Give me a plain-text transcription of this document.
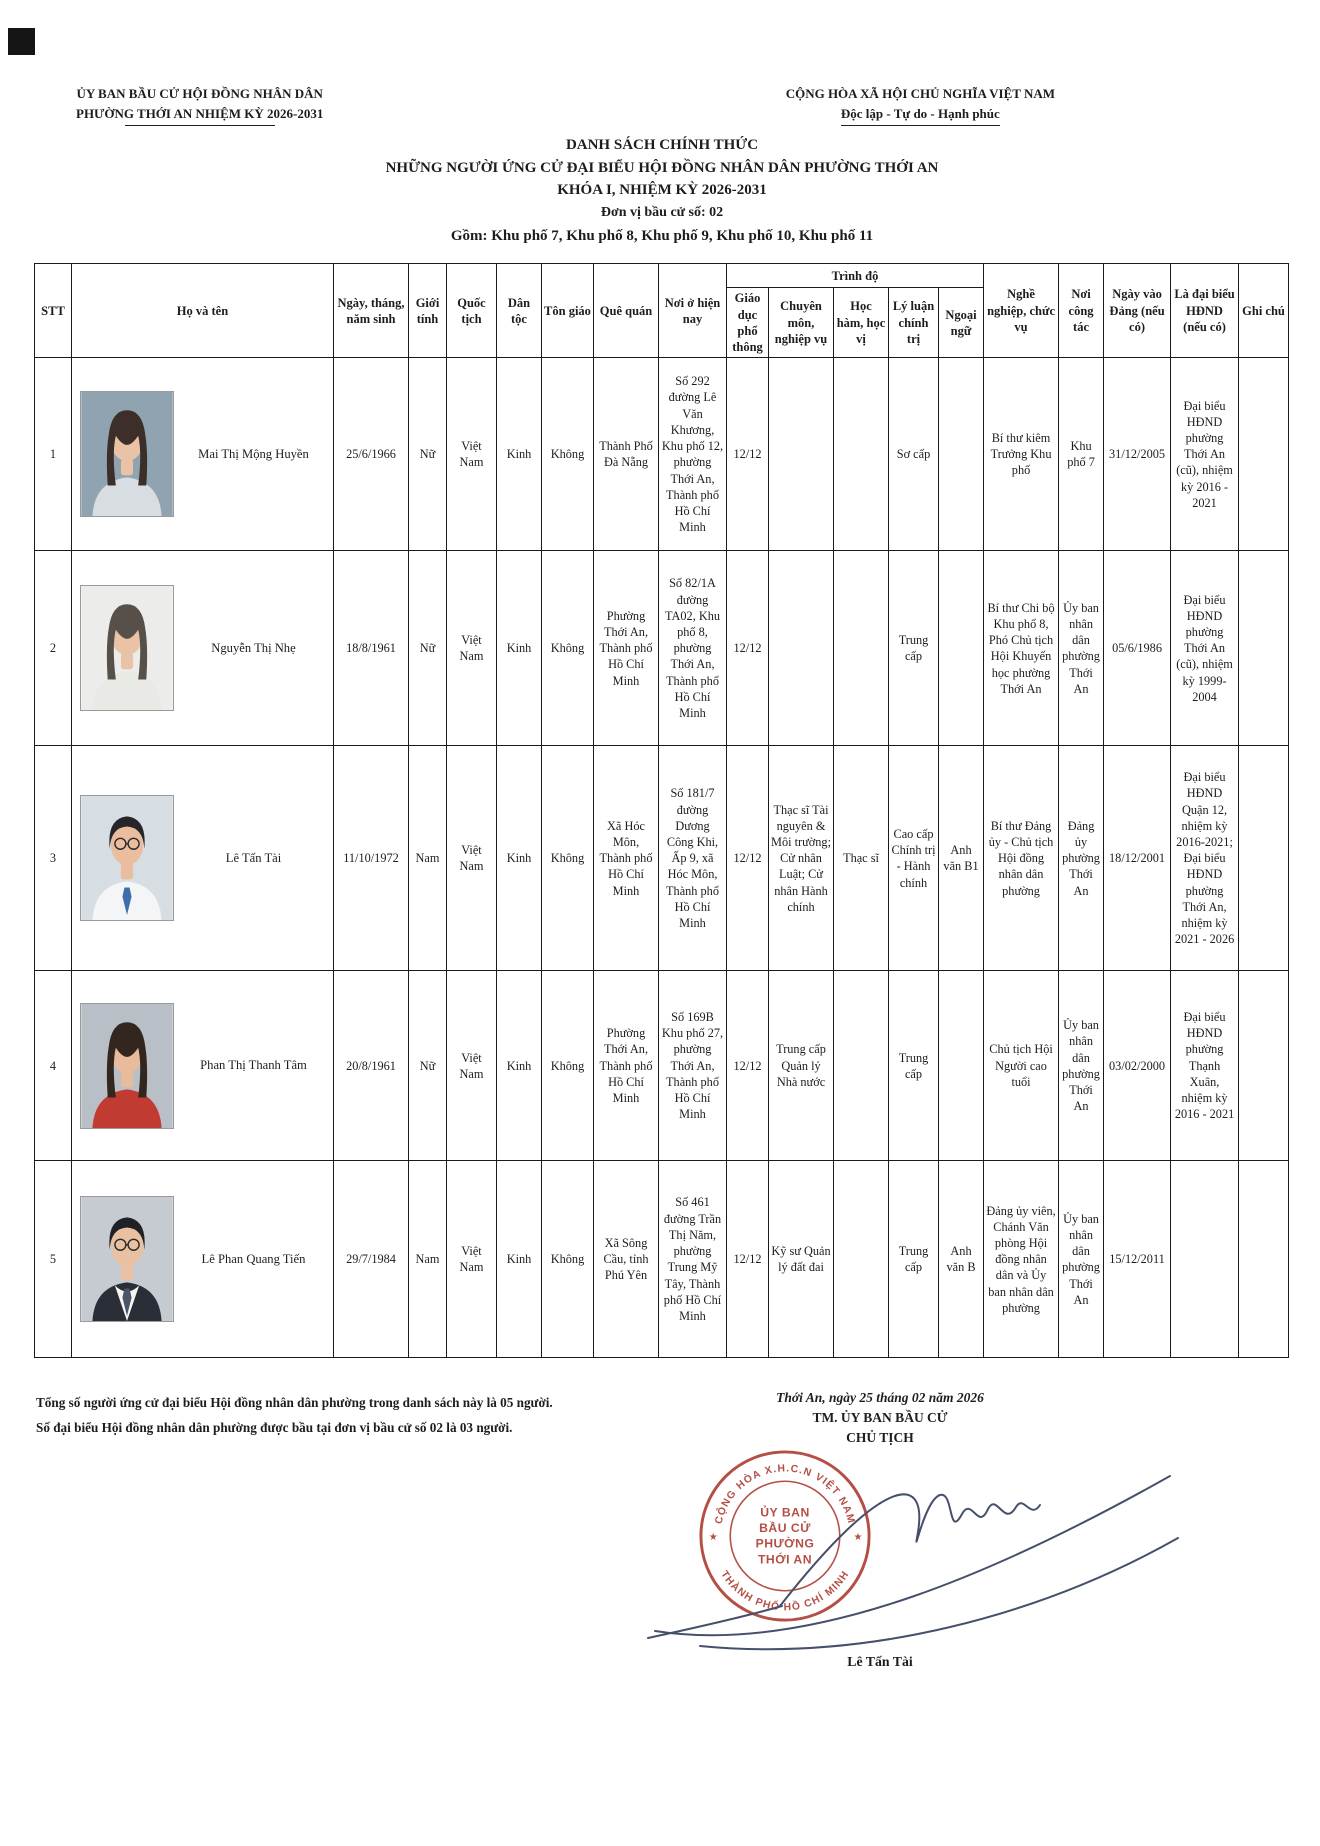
ỦY BAN BẦU CỬ HỘI ĐỒNG NHÂN DÂN
PHƯỜNG THỚI AN NHIỆM KỲ 2026-2031
CỘNG HÒA XÃ HỘI CHỦ NGHĨA VIỆT NAM
Độc lập - Tự do - Hạnh phúc
DANH SÁCH CHÍNH THỨC
NHỮNG NGƯỜI ỨNG CỬ ĐẠI BIỂU HỘI ĐỒNG NHÂN DÂN PHƯỜNG THỚI AN
KHÓA I, NHIỆM KỲ 2026-2031
Đơn vị bầu cử số: 02
Gồm: Khu phố 7, Khu phố 8, Khu phố 9, Khu phố 10, Khu phố 11
STT	Họ và tên	Ngày, tháng, năm sinh	Giới tính	Quốc tịch	Dân tộc	Tôn giáo	Quê quán	Nơi ở hiện nay	Trình độ					Nghề nghiệp, chức vụ	Nơi công tác	Ngày vào Đảng (nếu có)	Là đại biểu HĐND (nếu có)	Ghi chú
									Giáo dục phổ thông	Chuyên môn, nghiệp vụ	Học hàm, học vị	Lý luận chính trị	Ngoại ngữ					
1	Mai Thị Mộng Huyền	25/6/1966	Nữ	Việt Nam	Kinh	Không	Thành Phố Đà Nẵng	Số 292 đường Lê Văn Khương, Khu phố 12, phường Thới An, Thành phố Hồ Chí Minh	12/12			Sơ cấp		Bí thư kiêm Trưởng Khu phố	Khu phố 7	31/12/2005	Đại biểu HĐND phường Thới An (cũ), nhiệm kỳ 2016 - 2021	
2	Nguyễn Thị Nhẹ	18/8/1961	Nữ	Việt Nam	Kinh	Không	Phường Thới An, Thành phố Hồ Chí Minh	Số 82/1A đường TA02, Khu phố 8, phường Thới An, Thành phố Hồ Chí Minh	12/12			Trung cấp		Bí thư Chi bộ Khu phố 8, Phó Chủ tịch Hội Khuyến học phường Thới An	Ủy ban nhân dân phường Thới An	05/6/1986	Đại biểu HĐND phường Thới An (cũ), nhiệm kỳ 1999-2004	
3	Lê Tấn Tài	11/10/1972	Nam	Việt Nam	Kinh	Không	Xã Hóc Môn, Thành phố Hồ Chí Minh	Số 181/7 đường Dương Công Khi, Ấp 9, xã Hóc Môn, Thành phố Hồ Chí Minh	12/12	Thạc sĩ Tài nguyên & Môi trường; Cử nhân Luật; Cử nhân Hành chính	Thạc sĩ	Cao cấp Chính trị - Hành chính	Anh văn B1	Bí thư Đảng ủy - Chủ tịch Hội đồng nhân dân phường	Đảng ủy phường Thới An	18/12/2001	Đại biểu HĐND Quận 12, nhiệm kỳ 2016-2021; Đại biểu HĐND phường Thới An, nhiệm kỳ 2021 - 2026	
4	Phan Thị Thanh Tâm	20/8/1961	Nữ	Việt Nam	Kinh	Không	Phường Thới An, Thành phố Hồ Chí Minh	Số 169B Khu phố 27, phường Thới An, Thành phố Hồ Chí Minh	12/12	Trung cấp Quản lý Nhà nước		Trung cấp		Chủ tịch Hội Người cao tuổi	Ủy ban nhân dân phường Thới An	03/02/2000	Đại biểu HĐND phường Thạnh Xuân, nhiệm kỳ 2016 - 2021	
5	Lê Phan Quang Tiến	29/7/1984	Nam	Việt Nam	Kinh	Không	Xã Sông Cầu, tỉnh Phú Yên	Số 461 đường Trần Thị Năm, phường Trung Mỹ Tây, Thành phố Hồ Chí Minh	12/12	Kỹ sư Quản lý đất đai		Trung cấp	Anh văn B	Đảng ủy viên, Chánh Văn phòng Hội đồng nhân dân và Ủy ban nhân dân phường	Ủy ban nhân dân phường Thới An	15/12/2011		
Tổng số người ứng cử đại biểu Hội đồng nhân dân phường trong danh sách này là 05 người.
Số đại biểu Hội đồng nhân dân phường được bầu tại đơn vị bầu cử số 02 là 03 người.
Thới An, ngày 25 tháng 02 năm 2026
TM. ỦY BAN BẦU CỬ
CHỦ TỊCH
CỘNG HÒA X.H.C.N VIỆT NAM
THÀNH PHỐ HỒ CHÍ MINH
★	★
ỦY BAN
BẦU CỬ
PHƯỜNG
THỚI AN
Lê Tấn Tài
